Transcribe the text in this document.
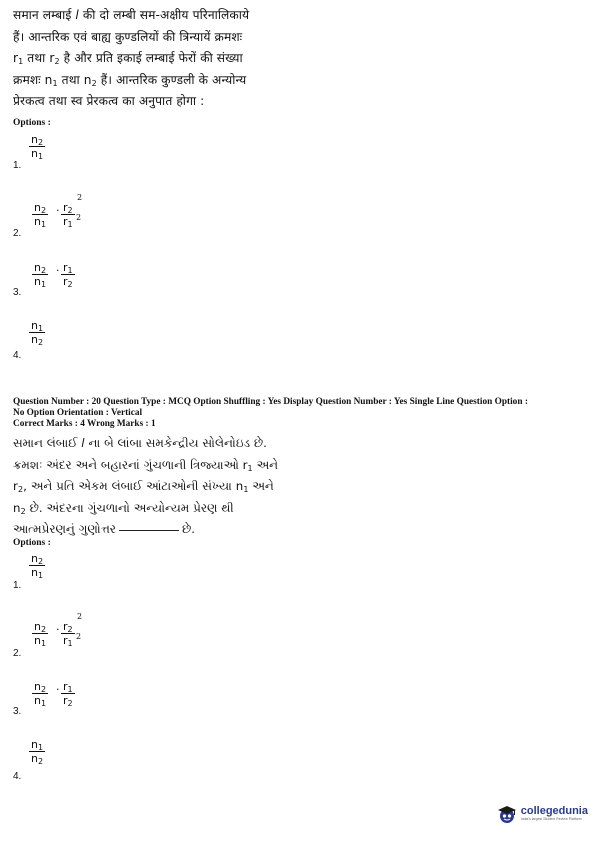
समान लम्बाई l की दो लम्बी सम-अक्षीय परिनालिकाये
हैं। आन्तरिक एवं बाह्य कुण्डलियों की त्रिन्यायें क्रमशः
$r_1$ तथा $r_2$ है और प्रति इकाई लम्बाई फेरों की संख्या
क्रमशः $n_1$ तथा $n_2$ हैं। आन्तरिक कुण्डली के अन्योन्य
प्रेरकत्व तथा स्व प्रेरकत्व का अनुपात होगा :
Options :
$\frac{n_2}{n_1}$
1.
$\frac{n_2}{n_1} \cdot \frac{r_2}{r_1}$
2
2
2.
$\frac{n_2}{n_1} \cdot \frac{r_1}{r_2}$
3.
$\frac{n_1}{n_2}$
4.
Question Number : 20 Question Type : MCQ Option Shuffling : Yes Display Question Number : Yes Single Line Question Option :
No Option Orientation : Vertical
Correct Marks : 4 Wrong Marks : 1
સમાન લંબાઈ l ના બે લાંબા સમકેન્દ્રીય સોલેનોઇડ છે.
ક્રમશઃ અંદર અને બહારનાં ગુંચળાની ત્રિજ્યાઓ $r_1$ અને
$r_2$, અને પ્રતિ એકમ લંબાઈ આંટાઓની સંખ્યા $n_1$ અને
$n_2$ છે. અંદરના ગુંચળાનો અન્યોન્યમ પ્રેરણ થી
આત્મપ્રેરણનું ગુણોત્તર	છે.
Options :
$\frac{n_2}{n_1}$
1.
$\frac{n_2}{n_1} \cdot \frac{r_2}{r_1}$
2
2
2.
$\frac{n_2}{n_1} \cdot \frac{r_1}{r_2}$
3.
$\frac{n_1}{n_2}$
4.
collegedunia
India's largest Student Review Platform
